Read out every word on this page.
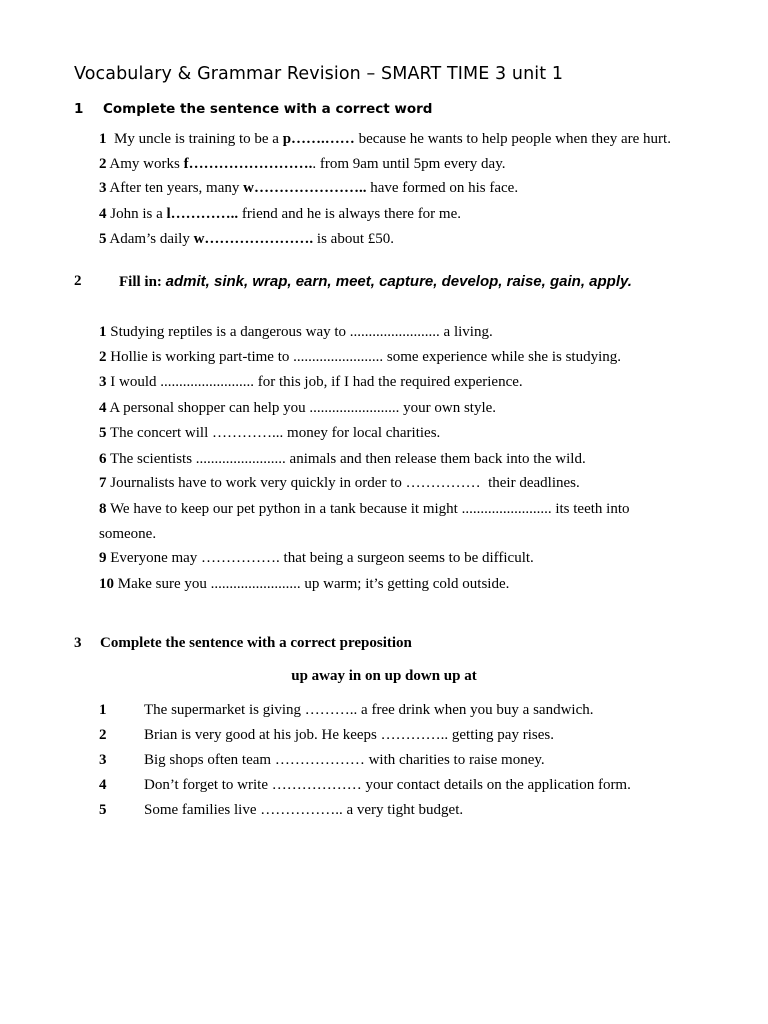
Vocabulary & Grammar Revision – SMART TIME 3 unit 1
1 Complete the sentence with a correct word
1  My uncle is training to be a p…….…… because he wants to help people when they are hurt.
2 Amy works f…………………….. from 9am until 5pm every day.
3 After ten years, many w………………….. have formed on his face.
4 John is a l………….. friend and he is always there for me.
5 Adam’s daily w…………………. is about £50.
2	Fill in: admit, sink, wrap, earn, meet, capture, develop, raise, gain, apply.
1 Studying reptiles is a dangerous way to ........................ a living.
2 Hollie is working part-time to ........................ some experience while she is studying.
3 I would ......................... for this job, if I had the required experience.
4 A personal shopper can help you ........................ your own style.
5 The concert will …………... money for local charities.
6 The scientists ........................ animals and then release them back into the wild.
7 Journalists have to work very quickly in order to ……………  their deadlines.
8 We have to keep our pet python in a tank because it might ........................ its teeth into
someone.
9 Everyone may ……………. that being a surgeon seems to be difficult.
10 Make sure you ........................ up warm; it’s getting cold outside.
3 Complete the sentence with a correct preposition
up away in on up down up at
1	The supermarket is giving ……….. a free drink when you buy a sandwich.
2	Brian is very good at his job. He keeps ………….. getting pay rises.
3	Big shops often team ……………… with charities to raise money.
4	Don’t forget to write ……………… your contact details on the application form.
5	Some families live …………….. a very tight budget.
